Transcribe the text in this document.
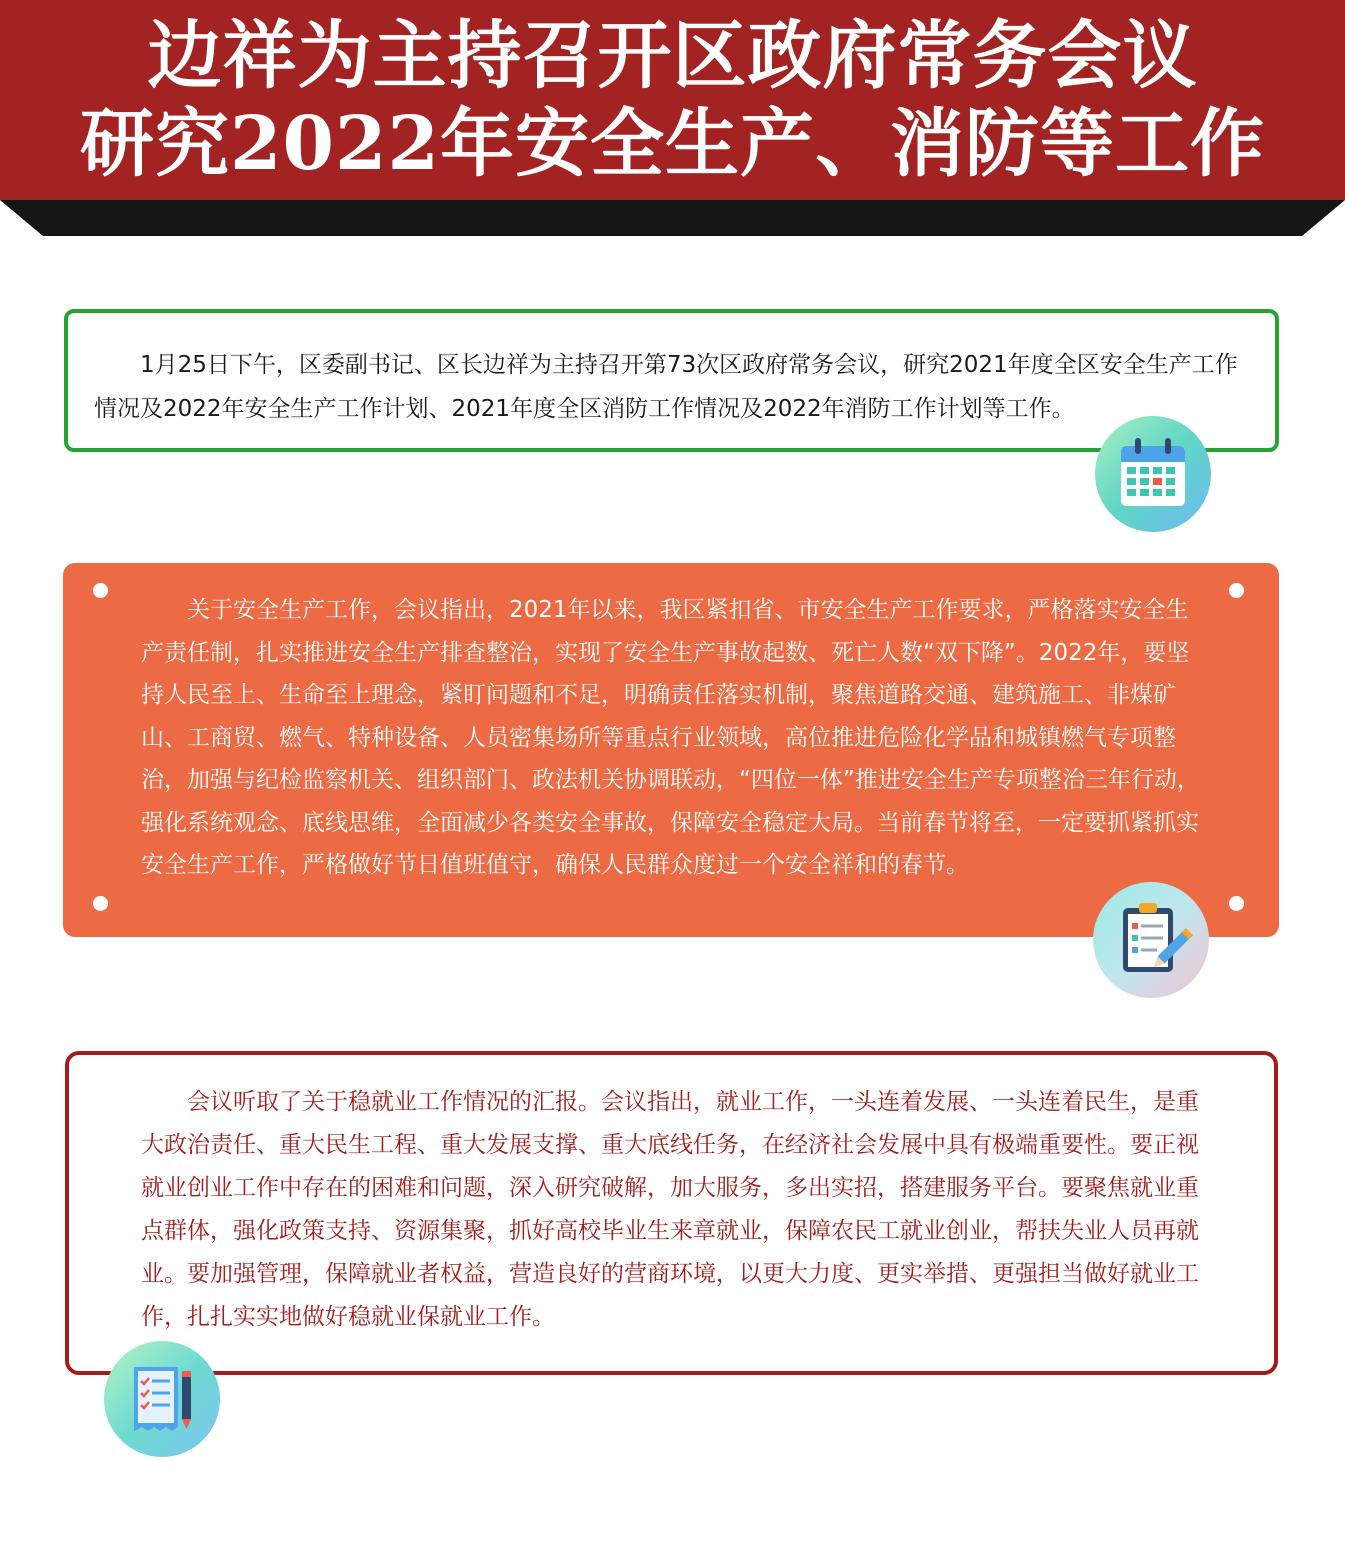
边祥为主持召开区政府常务会议
研究2022年安全生产、消防等工作

1月25日下午，区委副书记、区长边祥为主持召开第73次区政府常务会议，研究2021年度全区安全生产工作情况及2022年安全生产工作计划、2021年度全区消防工作情况及2022年消防工作计划等工作。

关于安全生产工作，会议指出，2021年以来，我区紧扣省、市安全生产工作要求，严格落实安全生产责任制，扎实推进安全生产排查整治，实现了安全生产事故起数、死亡人数“双下降”。2022年，要坚持人民至上、生命至上理念，紧盯问题和不足，明确责任落实机制，聚焦道路交通、建筑施工、非煤矿山、工商贸、燃气、特种设备、人员密集场所等重点行业领域，高位推进危险化学品和城镇燃气专项整治，加强与纪检监察机关、组织部门、政法机关协调联动，“四位一体”推进安全生产专项整治三年行动，强化系统观念、底线思维，全面减少各类安全事故，保障安全稳定大局。当前春节将至，一定要抓紧抓实安全生产工作，严格做好节日值班值守，确保人民群众度过一个安全祥和的春节。

会议听取了关于稳就业工作情况的汇报。会议指出，就业工作，一头连着发展、一头连着民生，是重大政治责任、重大民生工程、重大发展支撑、重大底线任务，在经济社会发展中具有极端重要性。要正视就业创业工作中存在的困难和问题，深入研究破解，加大服务，多出实招，搭建服务平台。要聚焦就业重点群体，强化政策支持、资源集聚，抓好高校毕业生来章就业，保障农民工就业创业，帮扶失业人员再就业。要加强管理，保障就业者权益，营造良好的营商环境，以更大力度、更实举措、更强担当做好就业工作，扎扎实实地做好稳就业保就业工作。
